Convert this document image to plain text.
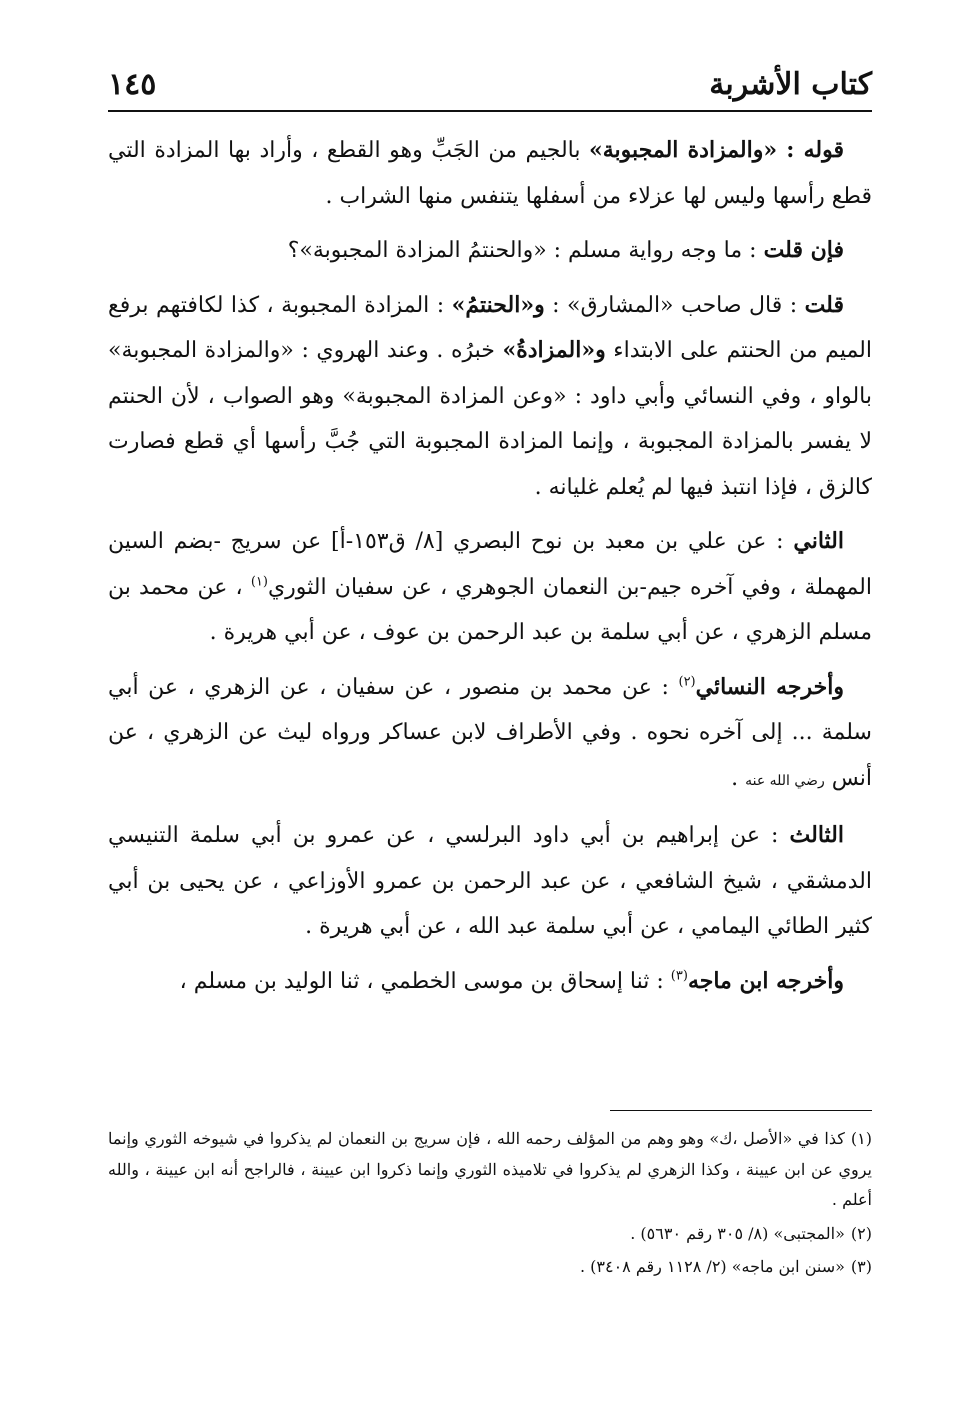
كتاب الأشربة
١٤٥

قوله : «والمزادة المجبوبة» بالجيم من الجَبِّ وهو القطع ، وأراد بها المزادة التي قطع رأسها وليس لها عزلاء من أسفلها يتنفس منها الشراب .

فإن قلت : ما وجه رواية مسلم : «والحنتمُ المزادة المجبوبة»؟

قلت : قال صاحب «المشارق» : و«الحنتمُ» : المزادة المجبوبة ، كذا لكافتهم برفع الميم من الحنتم على الابتداء و«المزادةُ» خبرُه . وعند الهروي : «والمزادة المجبوبة» بالواو ، وفي النسائي وأبي داود : «وعن المزادة المجبوبة» وهو الصواب ، لأن الحنتم لا يفسر بالمزادة المجبوبة ، وإنما المزادة المجبوبة التي جُبَّ رأسها أي قطع فصارت كالزق ، فإذا انتبذ فيها لم يُعلم غليانه .

الثاني : عن علي بن معبد بن نوح البصري [٨/ ق١٥٣-أ] عن سريج -بضم السين المهملة ، وفي آخره جيم-بن النعمان الجوهري ، عن سفيان الثوري$^{(١)}$ ، عن محمد بن مسلم الزهري ، عن أبي سلمة بن عبد الرحمن بن عوف ، عن أبي هريرة .

وأخرجه النسائي$^{(٢)}$ : عن محمد بن منصور ، عن سفيان ، عن الزهري ، عن أبي سلمة ... إلى آخره نحوه . وفي الأطراف لابن عساكر ورواه ليث عن الزهري ، عن أنس رضي الله عنه .

الثالث : عن إبراهيم بن أبي داود البرلسي ، عن عمرو بن أبي سلمة التنيسي الدمشقي ، شيخ الشافعي ، عن عبد الرحمن بن عمرو الأوزاعي ، عن يحيى بن أبي كثير الطائي اليمامي ، عن أبي سلمة عبد الله ، عن أبي هريرة .

وأخرجه ابن ماجه$^{(٣)}$ : ثنا إسحاق بن موسى الخطمي ، ثنا الوليد بن مسلم ،

(١)كذا في «الأصل ،ك» وهو وهم من المؤلف رحمه الله ، فإن سريج بن النعمان لم يذكروا في شيوخه الثوري وإنما يروي عن ابن عيينة ، وكذا الزهري لم يذكروا في تلاميذه الثوري وإنما ذكروا ابن عيينة ، فالراجح أنه ابن عيينة ، والله أعلم .

(٢)«المجتبى» (٨/ ٣٠٥ رقم ٥٦٣٠) .

(٣)«سنن ابن ماجه» (٢/ ١١٢٨ رقم ٣٤٠٨) .
